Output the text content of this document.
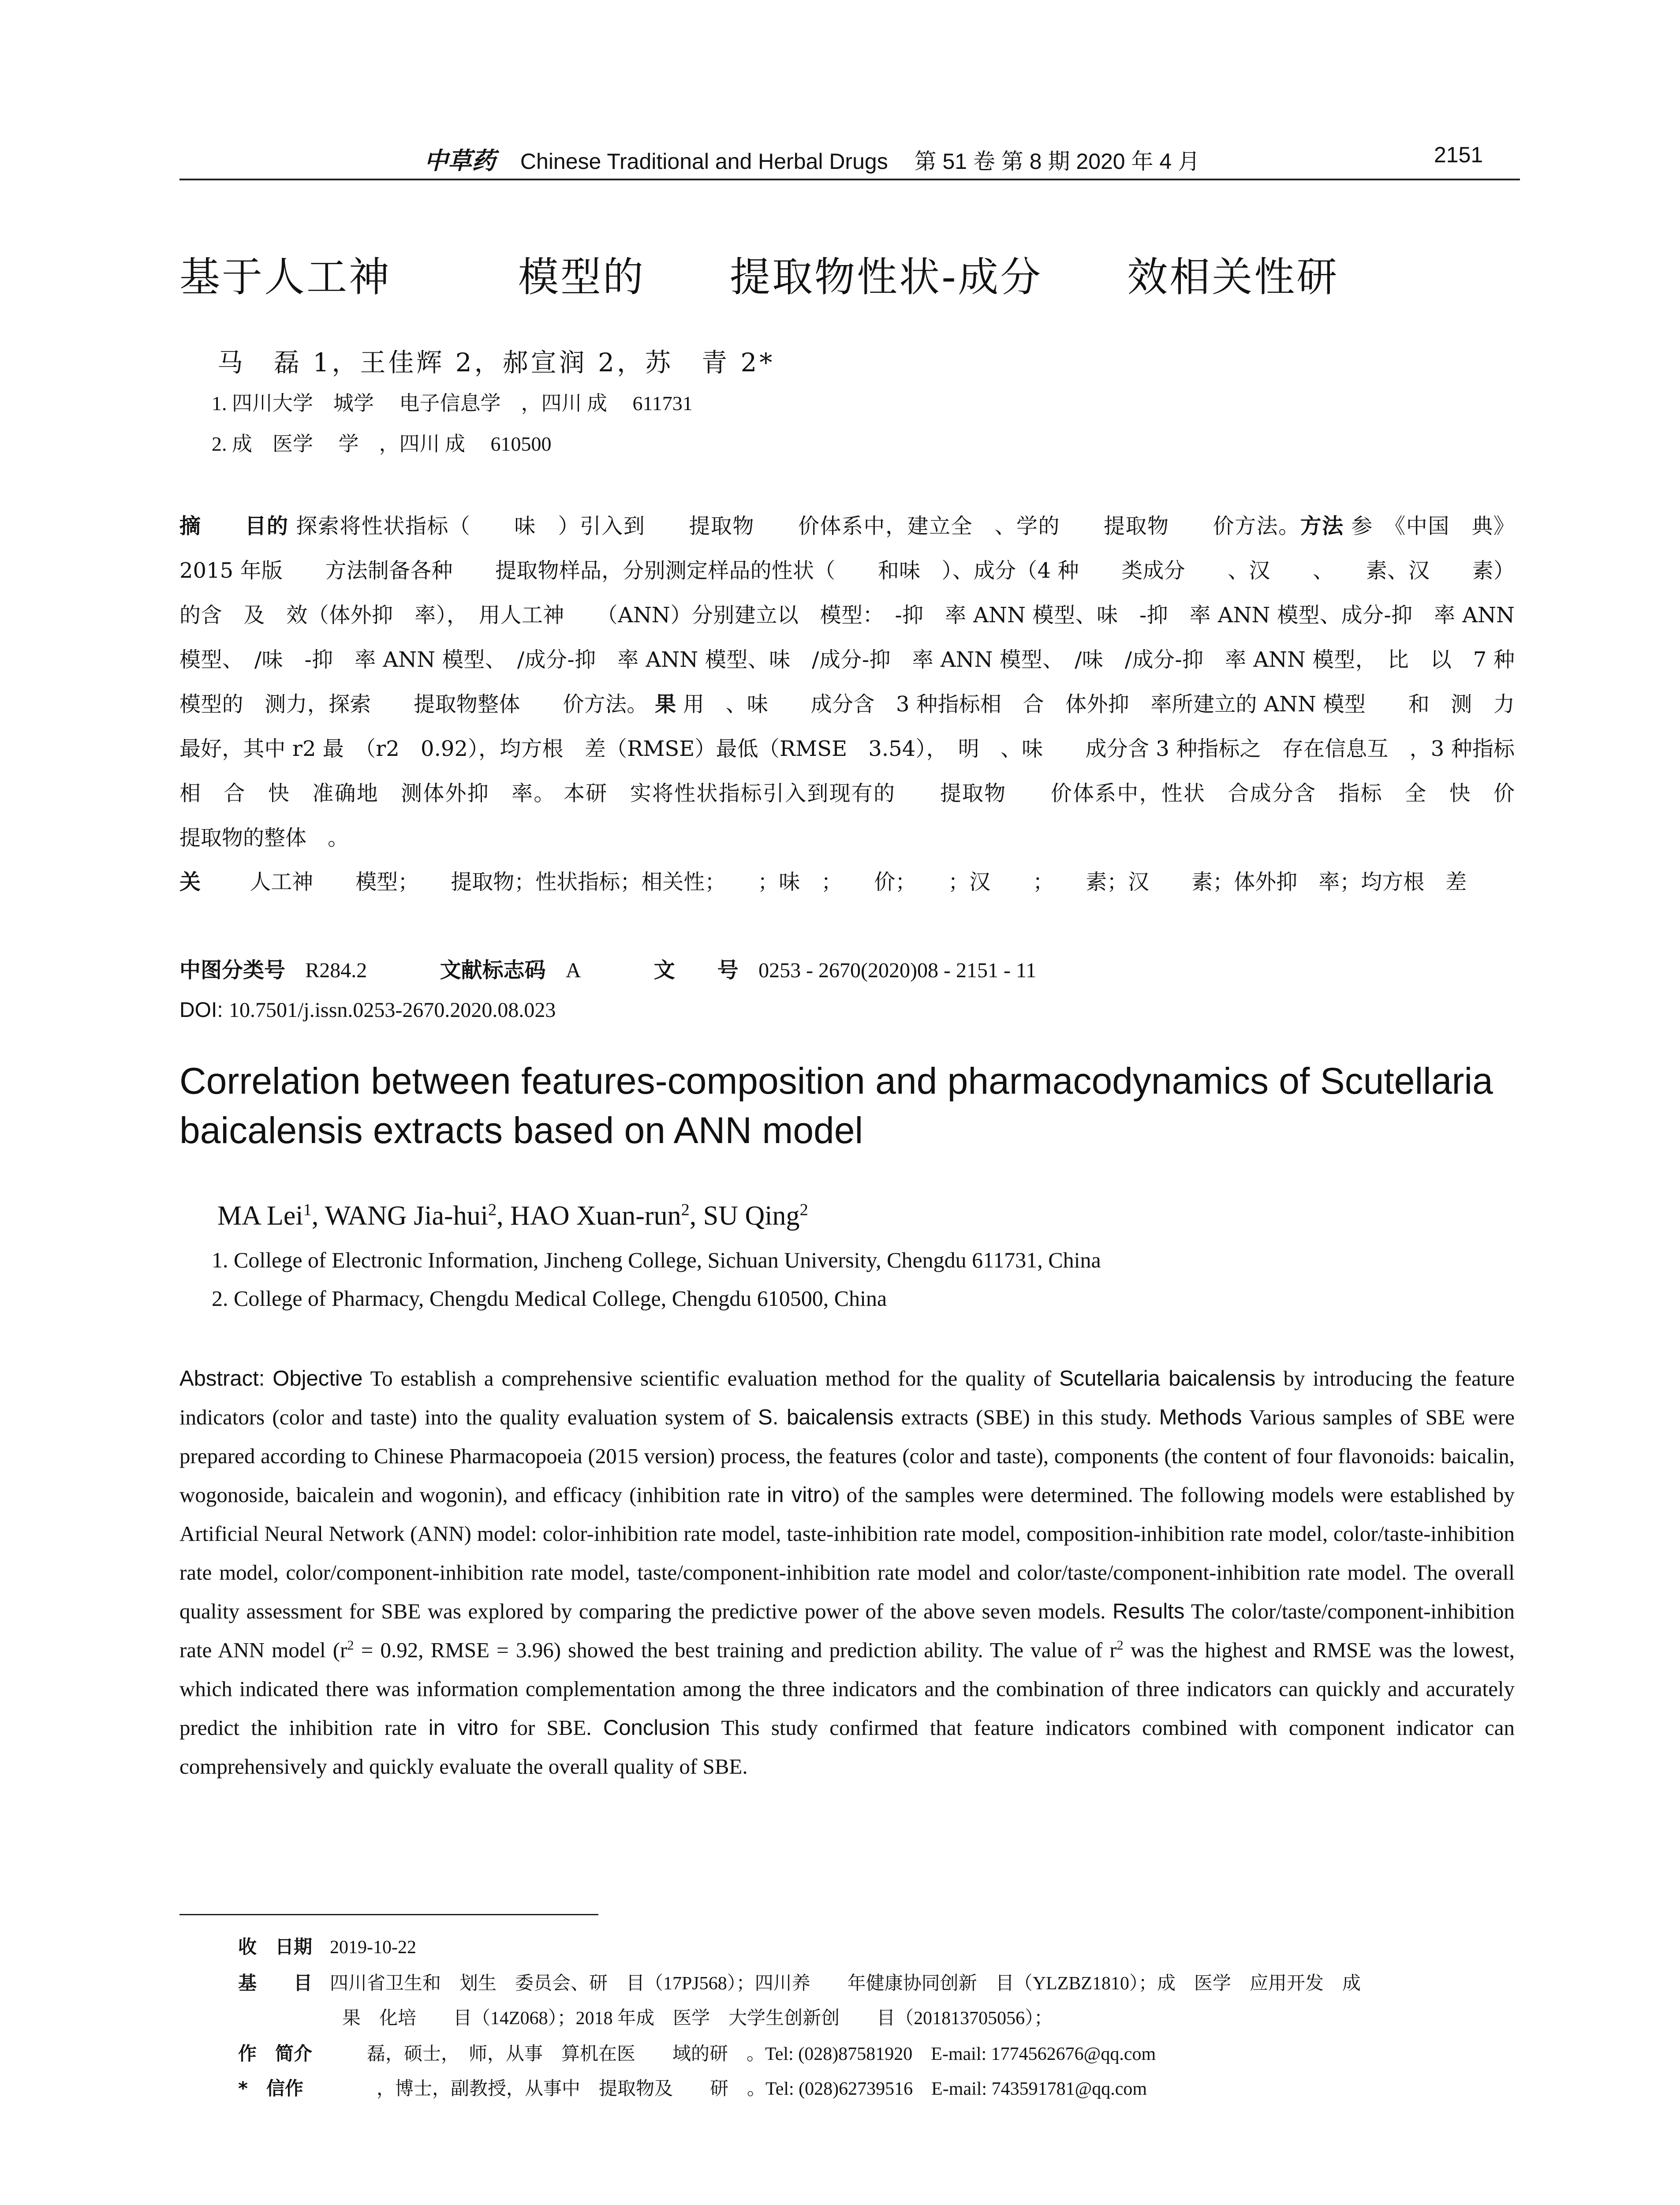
中草药 Chinese Traditional and Herbal Drugs 第 51 卷 第 8 期 2020 年 4 月	2151
基于人工神　　　模型的　　提取物性状-成分　　效相关性研
马　磊 1，王佳辉 2，郝宣润 2，苏　青 2*
1. 四川大学　城学　 电子信息学　，四川 成　 611731
2. 成　医学　 学　，四川 成　 610500
摘　　目的 探索将性状指标（　　味　）引入到　　提取物　　价体系中，建立全　、学的　　提取物　　价方法。方法 参　《中国　典》2015 年版　　方法制备各种　　提取物样品，分别测定样品的性状（　　和味　）、成分（4 种　　类成分　　、汉　　、　　素、汉　　素）的含　及　效（体外抑　率），　用人工神　　（ANN）分别建立以　模型：　-抑　率 ANN 模型、味　-抑　率 ANN 模型、成分-抑　率 ANN 模型、　/味　-抑　率 ANN 模型、　/成分-抑　率 ANN 模型、味　/成分-抑　率 ANN 模型、　/味　/成分-抑　率 ANN 模型，　比　以　7 种模型的　测力，探索　　提取物整体　　价方法。 果 用　、味　　成分含　3 种指标相　合　体外抑　率所建立的 ANN 模型　　和　测　力最好，其中 r2 最　（r2　0.92），均方根　差（RMSE）最低（RMSE　3.54），　明　、味　　成分含 3 种指标之　存在信息互　，3 种指标相　合　快　准确地　测体外抑　率。 本研　实将性状指标引入到现有的　　提取物　　价体系中，性状　合成分含　指标　全　快　价　　提取物的整体　。
关　　 人工神　　模型；　　提取物；性状指标；相关性；　　；味　；　　价；　　；汉　　；　　素；汉　　素；体外抑　率；均方根　差
中图分类号 R284.2	文献标志码 A	文　　号 0253 - 2670(2020)08 - 2151 - 11
DOI: 10.7501/j.issn.0253-2670.2020.08.023
Correlation between features-composition and pharmacodynamics of Scutellaria baicalensis extracts based on ANN model
MA Lei$^1$, WANG Jia-hui$^2$, HAO Xuan-run$^2$, SU Qing$^2$
1. College of Electronic Information, Jincheng College, Sichuan University, Chengdu 611731, China
2. College of Pharmacy, Chengdu Medical College, Chengdu 610500, China
Abstract: Objective To establish a comprehensive scientific evaluation method for the quality of Scutellaria baicalensis by introducing the feature indicators (color and taste) into the quality evaluation system of S. baicalensis extracts (SBE) in this study. Methods Various samples of SBE were prepared according to Chinese Pharmacopoeia (2015 version) process, the features (color and taste), components (the content of four flavonoids: baicalin, wogonoside, baicalein and wogonin), and efficacy (inhibition rate in vitro) of the samples were determined. The following models were established by Artificial Neural Network (ANN) model: color-inhibition rate model, taste-inhibition rate model, composition-inhibition rate model, color/taste-inhibition rate model, color/component-inhibition rate model, taste/component-inhibition rate model and color/taste/component-inhibition rate model. The overall quality assessment for SBE was explored by comparing the predictive power of the above seven models. Results The color/taste/component-inhibition rate ANN model ($r^2 = 0.92$, RMSE = 3.96) showed the best training and prediction ability. The value of $r^2$ was the highest and RMSE was the lowest, which indicated there was information complementation among the three indicators and the combination of three indicators can quickly and accurately predict the inhibition rate in vitro for SBE. Conclusion This study confirmed that feature indicators combined with component indicator can comprehensively and quickly evaluate the overall quality of SBE.
收　日期 2019-10-22
基　　目 四川省卫生和　划生　委员会、研　目（17PJ568）；四川养　　年健康协同创新　目（YLZBZ1810）；成　医学　应用开发　成
果　化培　　目（14Z068）；2018 年成　医学　大学生创新创　　目（201813705056）；
作　简介　　磊，硕士，　师，从事　算机在医　　域的研　。Tel: (028)87581920　E-mail: 1774562676@qq.com
*　信作　　　，博士，副教授，从事中　提取物及　　研　。Tel: (028)62739516　E-mail: 743591781@qq.com
